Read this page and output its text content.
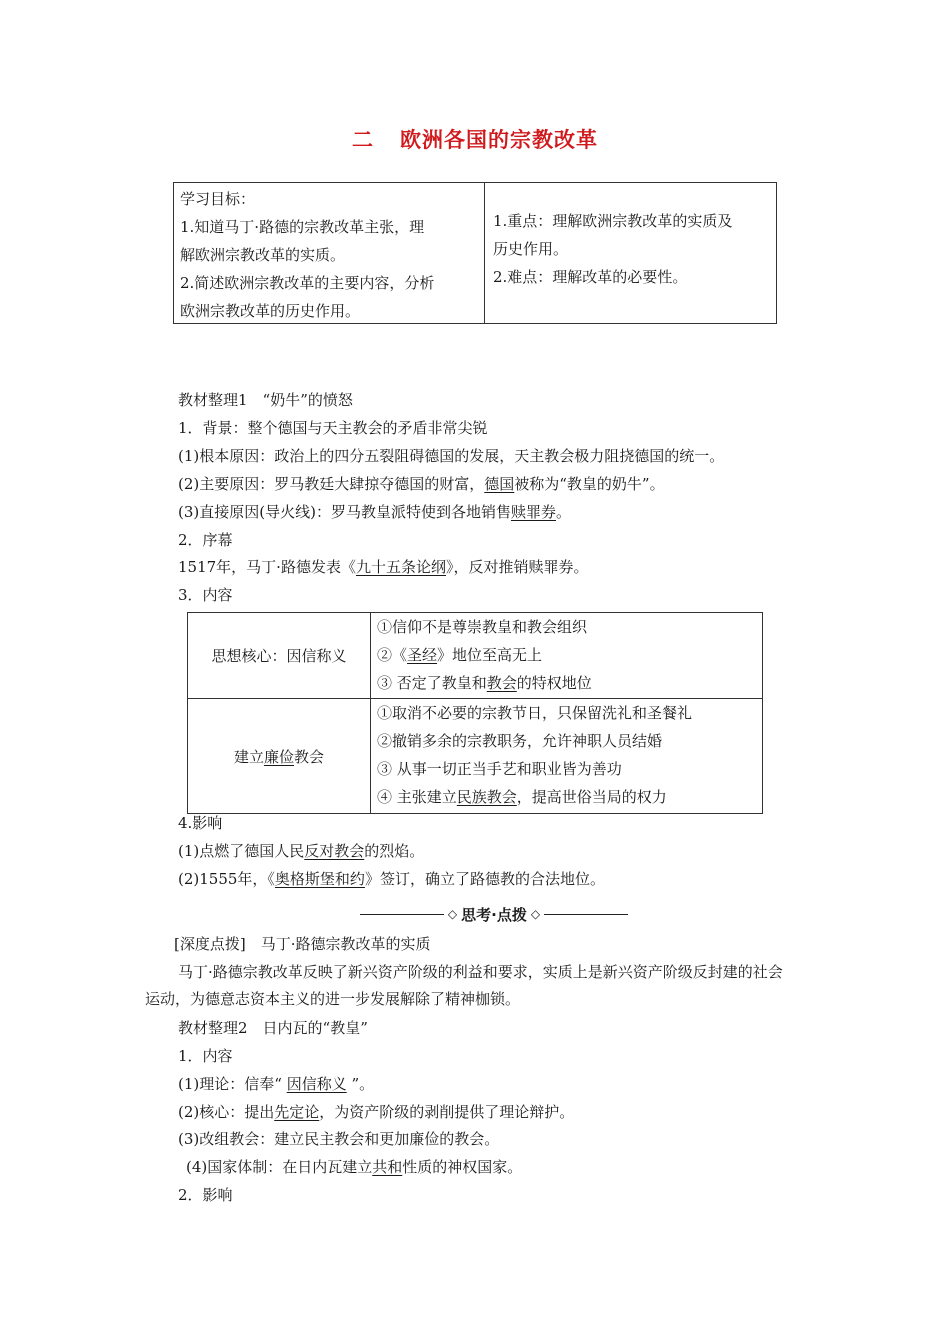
二 欧洲各国的宗教改革
学习目标：
1.知道马丁·路德的宗教改革主张，理
解欧洲宗教改革的实质。
2.简述欧洲宗教改革的主要内容，分析
欧洲宗教改革的历史作用。
1.重点：理解欧洲宗教改革的实质及
历史作用。
2.难点：理解改革的必要性。
教材整理1　“奶牛”的愤怒
1．背景：整个德国与天主教会的矛盾非常尖锐
(1)根本原因：政治上的四分五裂阻碍德国的发展，天主教会极力阻挠德国的统一。
(2)主要原因：罗马教廷大肆掠夺德国的财富，德国被称为“教皇的奶牛”。
(3)直接原因(导火线)：罗马教皇派特使到各地销售赎罪券。
2．序幕
1517年，马丁·路德发表《九十五条论纲》，反对推销赎罪券。
3．内容
思想核心：因信称义
①信仰不是尊崇教皇和教会组织
②《圣经》地位至高无上
③ 否定了教皇和教会的特权地位
建立 廉俭 教会
①取消不必要的宗教节日，只保留洗礼和圣餐礼
②撤销多余的宗教职务，允许神职人员结婚
③ 从事一切正当手艺和职业皆为善功
④ 主张建立民族教会，提高世俗当局的权力
4.影响
(1)点燃了德国人民反对教会的烈焰。
(2)1555年，《奥格斯堡和约》签订，确立了路德教的合法地位。
◇ 思考·点拨 ◇
[深度点拨]　马丁·路德宗教改革的实质
马丁·路德宗教改革反映了新兴资产阶级的利益和要求，实质上是新兴资产阶级反封建的社会运动，为德意志资本主义的进一步发展解除了精神枷锁。
教材整理2　日内瓦的“教皇”
1．内容
(1)理论：信奉“ 因信称义 ”。
(2)核心：提出先定论，为资产阶级的剥削提供了理论辩护。
(3)改组教会：建立民主教会和更加廉俭的教会。
(4)国家体制：在日内瓦建立共和性质的神权国家。
2．影响
